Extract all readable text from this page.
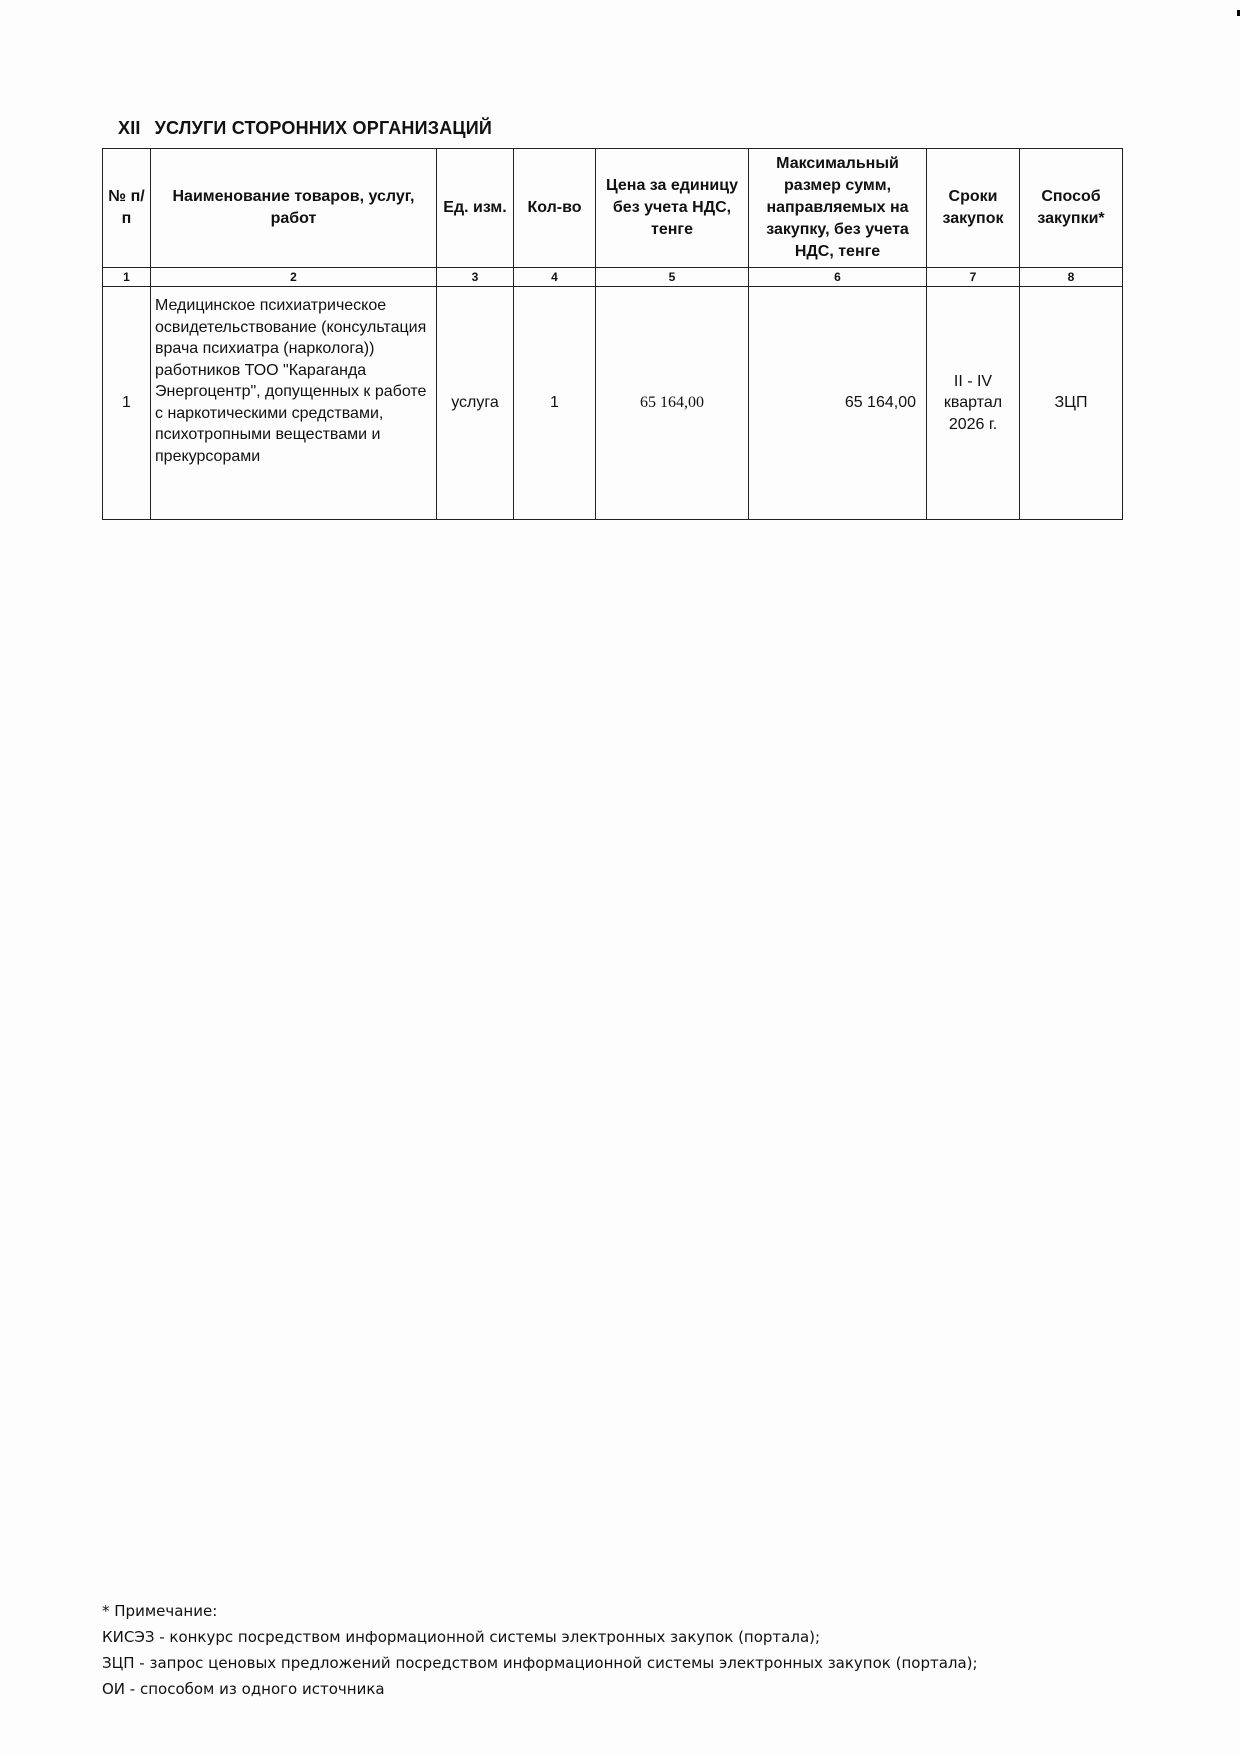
XII УСЛУГИ СТОРОННИХ ОРГАНИЗАЦИЙ
№ п/п	Наименование товаров, услуг, работ	Ед. изм.	Кол-во	Цена за единицу без учета НДС, тенге	Максимальный размер сумм, направляемых на закупку, без учета НДС, тенге	Сроки закупок	Способ закупки*
1	2	3	4	5	6	7	8
1	Медицинское психиатрическое освидетельствование (консультация врача психиатра (нарколога)) работников ТОО "Караганда Энергоцентр", допущенных к работе с наркотическими средствами, психотропными веществами и прекурсорами	услуга	1	65 164,00	65 164,00	II - IV квартал 2026 г.	ЗЦП
* Примечание:
КИСЭЗ - конкурс посредством информационной системы электронных закупок (портала);
ЗЦП - запрос ценовых предложений посредством информационной системы электронных закупок (портала);
ОИ - способом из одного источника
